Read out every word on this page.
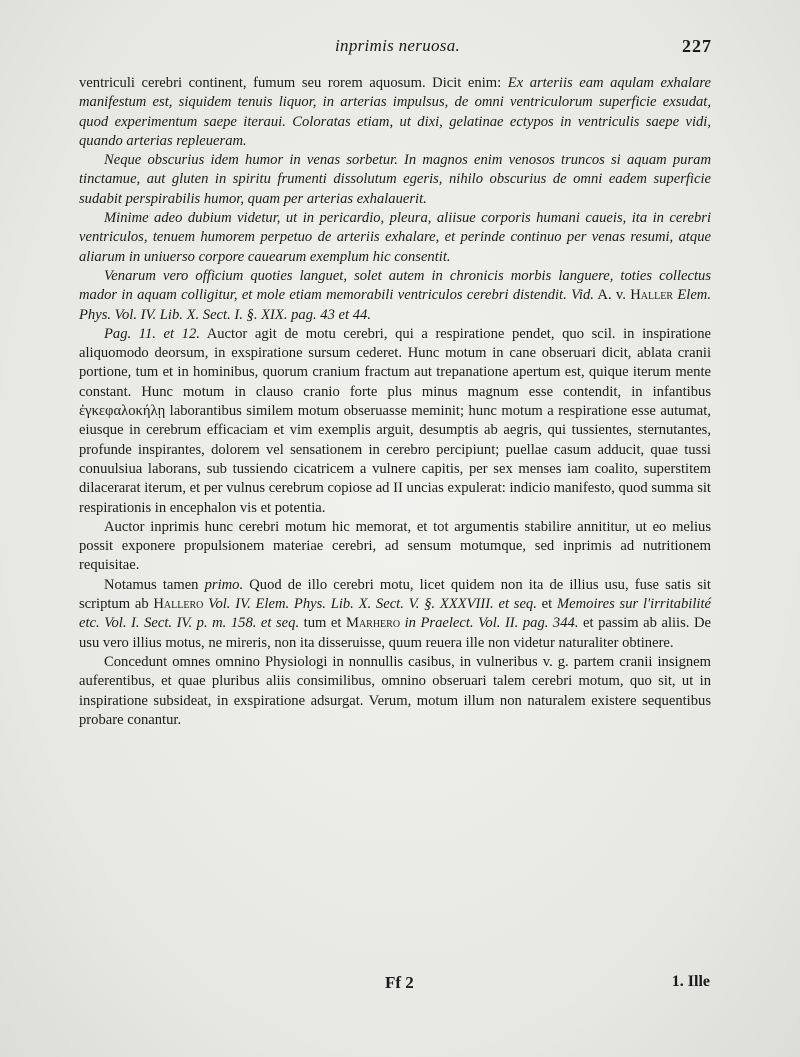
inprimis neruosa.	227

ventriculi cerebri continent, fumum seu rorem aquosum. Dicit enim: Ex arteriis eam aqulam exhalare manifestum est, siquidem tenuis liquor, in arterias impulsus, de omni ventriculorum superficie exsudat, quod experimentum saepe iteraui. Coloratas etiam, ut dixi, gelatinae ectypos in ventriculis saepe vidi, quando arterias repleueram.

Neque obscurius idem humor in venas sorbetur. In magnos enim venosos truncos si aquam puram tinctamue, aut gluten in spiritu frumenti dissolutum egeris, nihilo obscurius de omni eadem superficie sudabit perspirabilis humor, quam per arterias exhalauerit.

Minime adeo dubium videtur, ut in pericardio, pleura, aliisue corporis humani caueis, ita in cerebri ventriculos, tenuem humorem perpetuo de arteriis exhalare, et perinde continuo per venas resumi, atque aliarum in uniuerso corpore cauearum exemplum hic consentit.

Venarum vero officium quoties languet, solet autem in chronicis morbis languere, toties collectus mador in aquam colligitur, et mole etiam memorabili ventriculos cerebri distendit. Vid. A. v. Haller Elem. Phys. Vol. IV. Lib. X. Sect. I. §. XIX. pag. 43 et 44.

Pag. 11. et 12. Auctor agit de motu cerebri, qui a respiratione pendet, quo scil. in inspiratione aliquomodo deorsum, in exspiratione sursum cederet. Hunc motum in cane obseruari dicit, ablata cranii portione, tum et in hominibus, quorum cranium fractum aut trepanatione apertum est, quique iterum mente constant. Hunc motum in clauso cranio forte plus minus magnum esse contendit, in infantibus ἐγκεφαλοκήλῃ laborantibus similem motum obseruasse meminit; hunc motum a respiratione esse autumat, eiusque in cerebrum efficaciam et vim exemplis arguit, desumptis ab aegris, qui tussientes, sternutantes, profunde inspirantes, dolorem vel sensationem in cerebro percipiunt; puellae casum adducit, quae tussi conuulsiua laborans, sub tussiendo cicatricem a vulnere capitis, per sex menses iam coalito, superstitem dilacerarat iterum, et per vulnus cerebrum copiose ad II uncias expulerat: indicio manifesto, quod summa sit respirationis in encephalon vis et potentia.

Auctor inprimis hunc cerebri motum hic memorat, et tot argumentis stabilire annititur, ut eo melius possit exponere propulsionem materiae cerebri, ad sensum motumque, sed inprimis ad nutritionem requisitae.

Notamus tamen primo. Quod de illo cerebri motu, licet quidem non ita de illius usu, fuse satis sit scriptum ab Hallero Vol. IV. Elem. Phys. Lib. X. Sect. V. §. XXXVIII. et seq. et Memoires sur l'irritabilité etc. Vol. I. Sect. IV. p. m. 158. et seq. tum et Marhero in Praelect. Vol. II. pag. 344. et passim ab aliis. De usu vero illius motus, ne mireris, non ita disseruisse, quum reuera ille non videtur naturaliter obtinere.

Concedunt omnes omnino Physiologi in nonnullis casibus, in vulneribus v. g. partem cranii insignem auferentibus, et quae pluribus aliis consimilibus, omnino obseruari talem cerebri motum, quo sit, ut in inspiratione subsideat, in exspiratione adsurgat. Verum, motum illum non naturalem existere sequentibus probare conantur.

Ff 2	1. Ille
